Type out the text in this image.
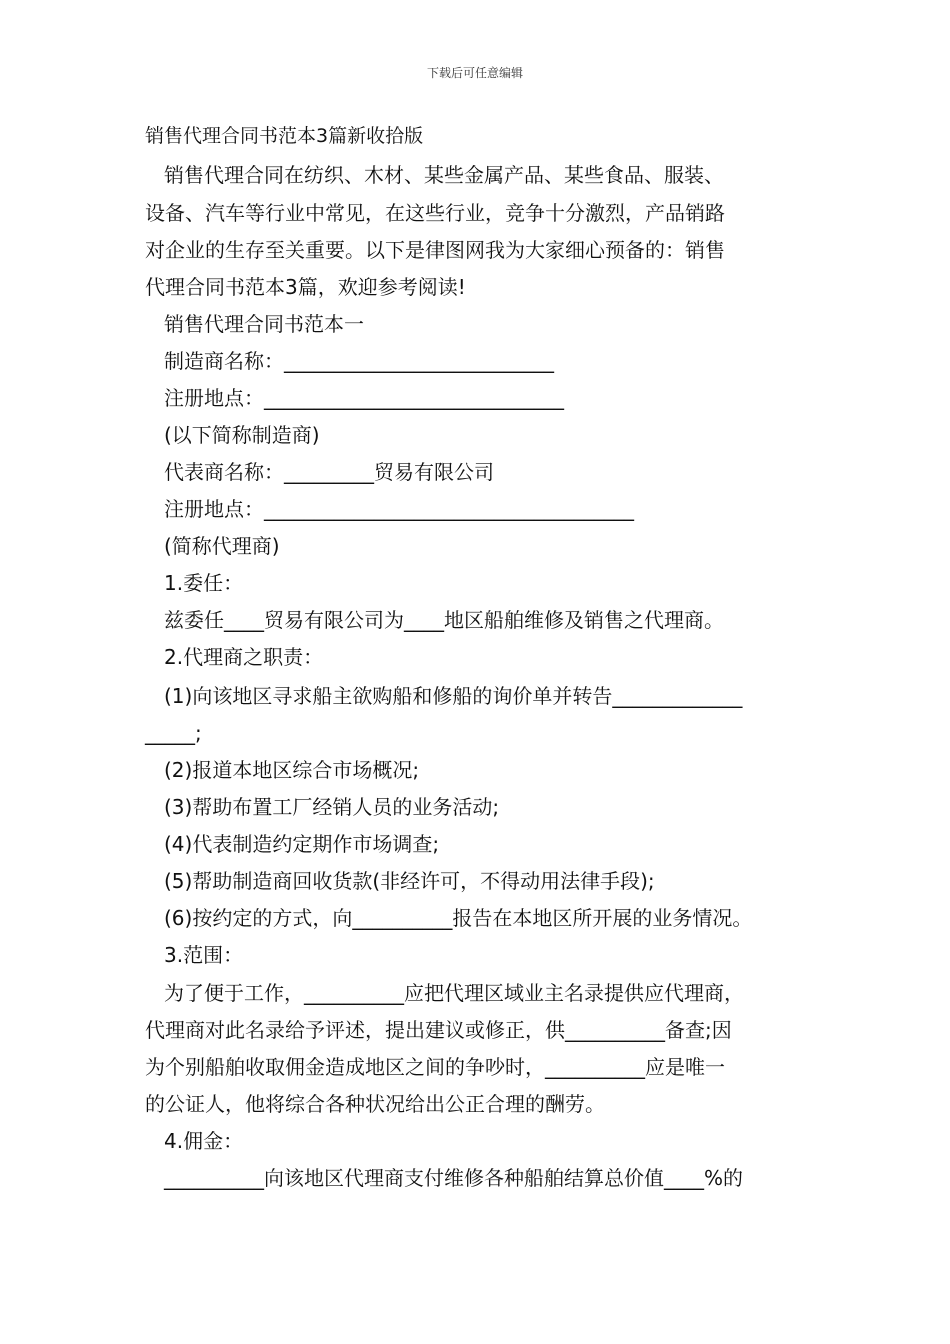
下载后可任意编辑
销售代理合同书范本3篇新收拾版
销售代理合同在纺织、木材、某些金属产品、某些食品、服装、
设备、汽车等行业中常见，在这些行业，竞争十分激烈，产品销路
对企业的生存至关重要。以下是律图网我为大家细心预备的：销售
代理合同书范本3篇，欢迎参考阅读!
销售代理合同书范本一
制造商名称：___________________________
注册地点：______________________________
(以下简称制造商)
代表商名称：_________贸易有限公司
注册地点：_____________________________________
(简称代理商)
1.委任：
兹委任____贸易有限公司为____地区船舶维修及销售之代理商。
2.代理商之职责：
(1)向该地区寻求船主欲购船和修船的询价单并转告_____________
_____;
(2)报道本地区综合市场概况;
(3)帮助布置工厂经销人员的业务活动;
(4)代表制造约定期作市场调查;
(5)帮助制造商回收货款(非经许可，不得动用法律手段);
(6)按约定的方式，向__________报告在本地区所开展的业务情况。
3.范围：
为了便于工作，__________应把代理区域业主名录提供应代理商，
代理商对此名录给予评述，提出建议或修正，供__________备查;因
为个别船舶收取佣金造成地区之间的争吵时，__________应是唯一
的公证人，他将综合各种状况给出公正合理的酬劳。
4.佣金：
__________向该地区代理商支付维修各种船舶结算总价值____%的
